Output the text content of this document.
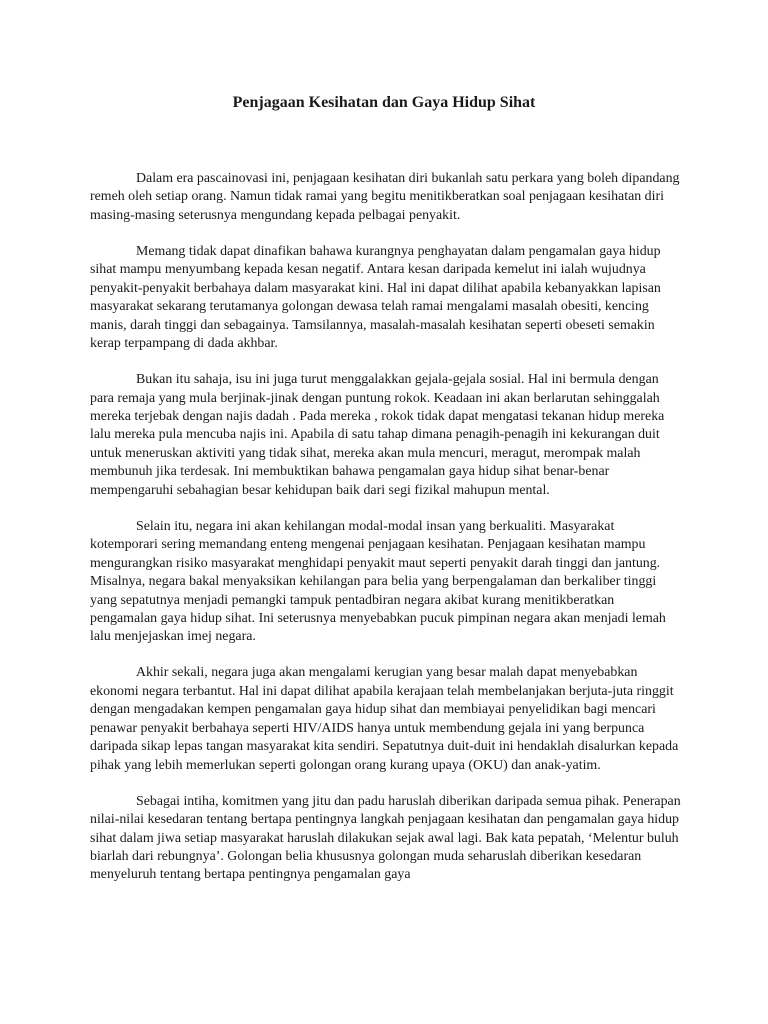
Penjagaan Kesihatan dan Gaya Hidup Sihat

Dalam era pascainovasi ini, penjagaan kesihatan diri bukanlah satu perkara yang boleh dipandang remeh oleh setiap orang. Namun tidak ramai yang begitu menitikberatkan soal penjagaan kesihatan diri masing-masing seterusnya mengundang kepada pelbagai penyakit.

Memang tidak dapat dinafikan bahawa kurangnya penghayatan dalam pengamalan gaya hidup sihat mampu menyumbang kepada kesan negatif. Antara kesan daripada kemelut ini ialah wujudnya penyakit-penyakit berbahaya dalam masyarakat kini. Hal ini dapat dilihat apabila kebanyakkan lapisan masyarakat sekarang terutamanya golongan dewasa telah ramai mengalami masalah obesiti, kencing manis, darah tinggi dan sebagainya. Tamsilannya, masalah-masalah kesihatan seperti obeseti semakin kerap terpampang di dada akhbar.

Bukan itu sahaja, isu ini juga turut menggalakkan gejala-gejala sosial. Hal ini bermula dengan para remaja yang mula berjinak-jinak dengan puntung rokok. Keadaan ini akan berlarutan sehinggalah mereka terjebak dengan najis dadah . Pada mereka , rokok tidak dapat mengatasi tekanan hidup mereka lalu mereka pula mencuba najis ini. Apabila di satu tahap dimana penagih-penagih ini kekurangan duit untuk meneruskan aktiviti yang tidak sihat, mereka akan mula mencuri, meragut, merompak malah membunuh jika terdesak. Ini membuktikan bahawa pengamalan gaya hidup sihat benar-benar mempengaruhi sebahagian besar kehidupan baik dari segi fizikal mahupun mental.

Selain itu, negara ini akan kehilangan modal-modal insan yang berkualiti. Masyarakat kotemporari sering memandang enteng mengenai penjagaan kesihatan. Penjagaan kesihatan mampu mengurangkan risiko masyarakat menghidapi penyakit maut seperti penyakit darah tinggi dan jantung. Misalnya, negara bakal menyaksikan kehilangan para belia yang berpengalaman dan berkaliber tinggi yang sepatutnya menjadi pemangki tampuk pentadbiran negara akibat kurang menitikberatkan pengamalan gaya hidup sihat. Ini seterusnya menyebabkan pucuk pimpinan negara akan menjadi lemah lalu menjejaskan imej negara.

Akhir sekali, negara juga akan mengalami kerugian yang besar malah dapat menyebabkan ekonomi negara terbantut. Hal ini dapat dilihat apabila kerajaan telah membelanjakan berjuta-juta ringgit dengan mengadakan kempen pengamalan gaya hidup sihat dan membiayai penyelidikan bagi mencari penawar penyakit berbahaya seperti HIV/AIDS hanya untuk membendung gejala ini yang berpunca daripada sikap lepas tangan masyarakat kita sendiri. Sepatutnya duit-duit ini hendaklah disalurkan kepada pihak yang lebih memerlukan seperti golongan orang kurang upaya (OKU) dan anak-yatim.

Sebagai intiha, komitmen yang jitu dan padu haruslah diberikan daripada semua pihak. Penerapan nilai-nilai kesedaran tentang bertapa pentingnya langkah penjagaan kesihatan dan pengamalan gaya hidup sihat dalam jiwa setiap masyarakat haruslah dilakukan sejak awal lagi. Bak kata pepatah, ‘Melentur buluh biarlah dari rebungnya’. Golongan belia khususnya golongan muda seharuslah diberikan kesedaran menyeluruh tentang bertapa pentingnya pengamalan gaya
